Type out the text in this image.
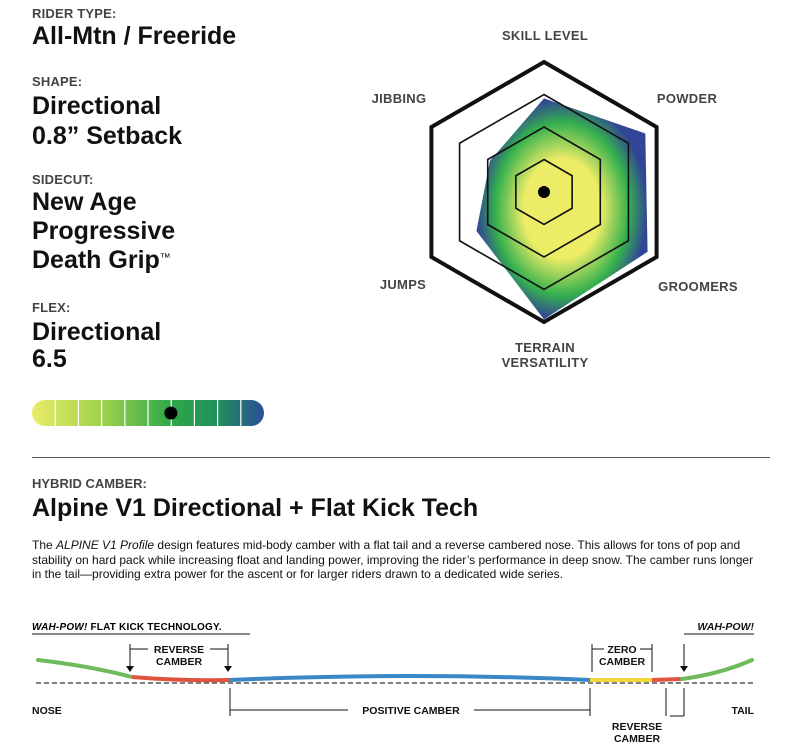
RIDER TYPE:
All-Mtn / Freeride
SHAPE:
Directional
0.8” Setback
SIDECUT:
New Age
Progressive
Death Grip™
FLEX:
Directional
6.5
SKILL LEVEL
POWDER
GROOMERS
TERRAIN
VERSATILITY
JUMPS
JIBBING
HYBRID CAMBER:
Alpine V1 Directional + Flat Kick Tech
The ALPINE V1 Profile design features mid-body camber with a flat tail and a reverse cambered nose. This allows for tons of pop and stability on hard pack while increasing float and landing power, improving the rider’s performance in deep snow. The camber runs longer in the tail—providing extra power for the ascent or for larger riders drawn to a dedicated wide series.
WAH-POW! FLAT KICK TECHNOLOGY.
REVERSE
CAMBER
ZERO
CAMBER
WAH-POW!
POSITIVE CAMBER
REVERSE
CAMBER
NOSE	TAIL
